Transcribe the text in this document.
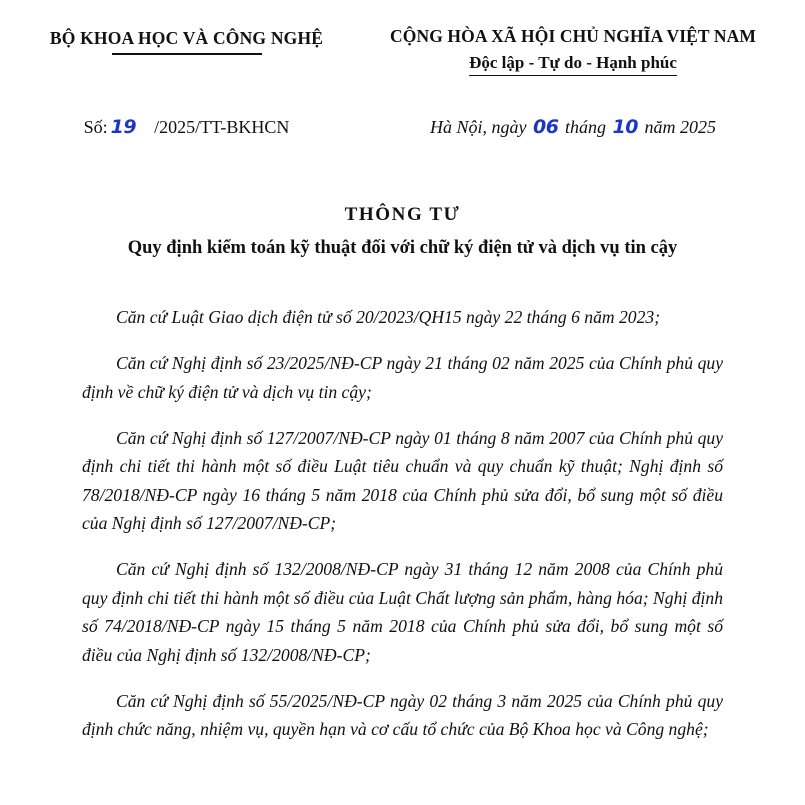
BỘ KHOA HỌC VÀ CÔNG NGHỆ	CỘNG HÒA XÃ HỘI CHỦ NGHĨA VIỆT NAM
Độc lập - Tự do - Hạnh phúc
Số: 19 /2025/TT-BKHCN	Hà Nội, ngày 06 tháng 10 năm 2025
THÔNG TƯ
Quy định kiểm toán kỹ thuật đối với chữ ký điện tử và dịch vụ tin cậy

Căn cứ Luật Giao dịch điện tử số 20/2023/QH15 ngày 22 tháng 6 năm 2023;

Căn cứ Nghị định số 23/2025/NĐ-CP ngày 21 tháng 02 năm 2025 của Chính phủ quy định về chữ ký điện tử và dịch vụ tin cậy;

Căn cứ Nghị định số 127/2007/NĐ-CP ngày 01 tháng 8 năm 2007 của Chính phủ quy định chi tiết thi hành một số điều Luật tiêu chuẩn và quy chuẩn kỹ thuật; Nghị định số 78/2018/NĐ-CP ngày 16 tháng 5 năm 2018 của Chính phủ sửa đổi, bổ sung một số điều của Nghị định số 127/2007/NĐ-CP;

Căn cứ Nghị định số 132/2008/NĐ-CP ngày 31 tháng 12 năm 2008 của Chính phủ quy định chi tiết thi hành một số điều của Luật Chất lượng sản phẩm, hàng hóa; Nghị định số 74/2018/NĐ-CP ngày 15 tháng 5 năm 2018 của Chính phủ sửa đổi, bổ sung một số điều của Nghị định số 132/2008/NĐ-CP;

Căn cứ Nghị định số 55/2025/NĐ-CP ngày 02 tháng 3 năm 2025 của Chính phủ quy định chức năng, nhiệm vụ, quyền hạn và cơ cấu tổ chức của Bộ Khoa học và Công nghệ;
